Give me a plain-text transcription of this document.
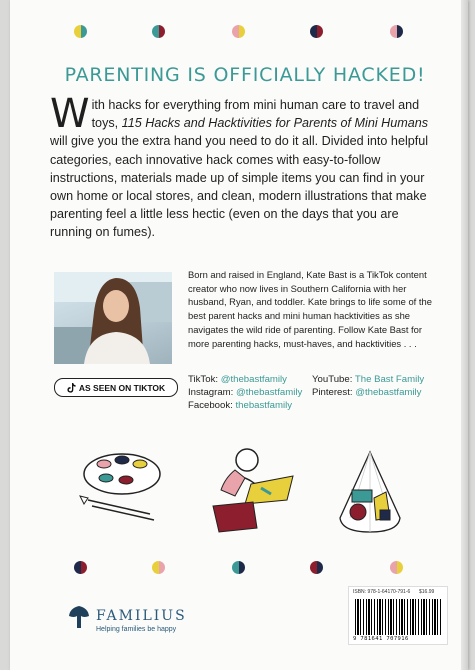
PARENTING IS OFFICIALLY HACKED!
With hacks for everything from mini human care to travel and toys, 115 Hacks and Hacktivities for Parents of Mini Humans will give you the extra hand you need to do it all. Divided into helpful categories, each innovative hack comes with easy-to-follow instructions, materials made up of simple items you can find in your own home or local stores, and clean, modern illustrations that make parenting feel a little less hectic (even on the days that you are running on fumes).
AS SEEN ON TIKTOK
Born and raised in England, Kate Bast is a TikTok content creator who now lives in Southern California with her husband, Ryan, and toddler. Kate brings to life some of the best parent hacks and mini human hacktivities as she navigates the wild ride of parenting. Follow Kate Bast for more parenting hacks, must-haves, and hacktivities . . .
TikTok: @thebastfamily
Instagram: @thebastfamily
Facebook: thebastfamily
YouTube: The Bast Family
Pinterest: @thebastfamily
FAMILIUS
Helping families be happy
ISBN: 978-1-64170-791-6 $16.99
9 781641 707916
